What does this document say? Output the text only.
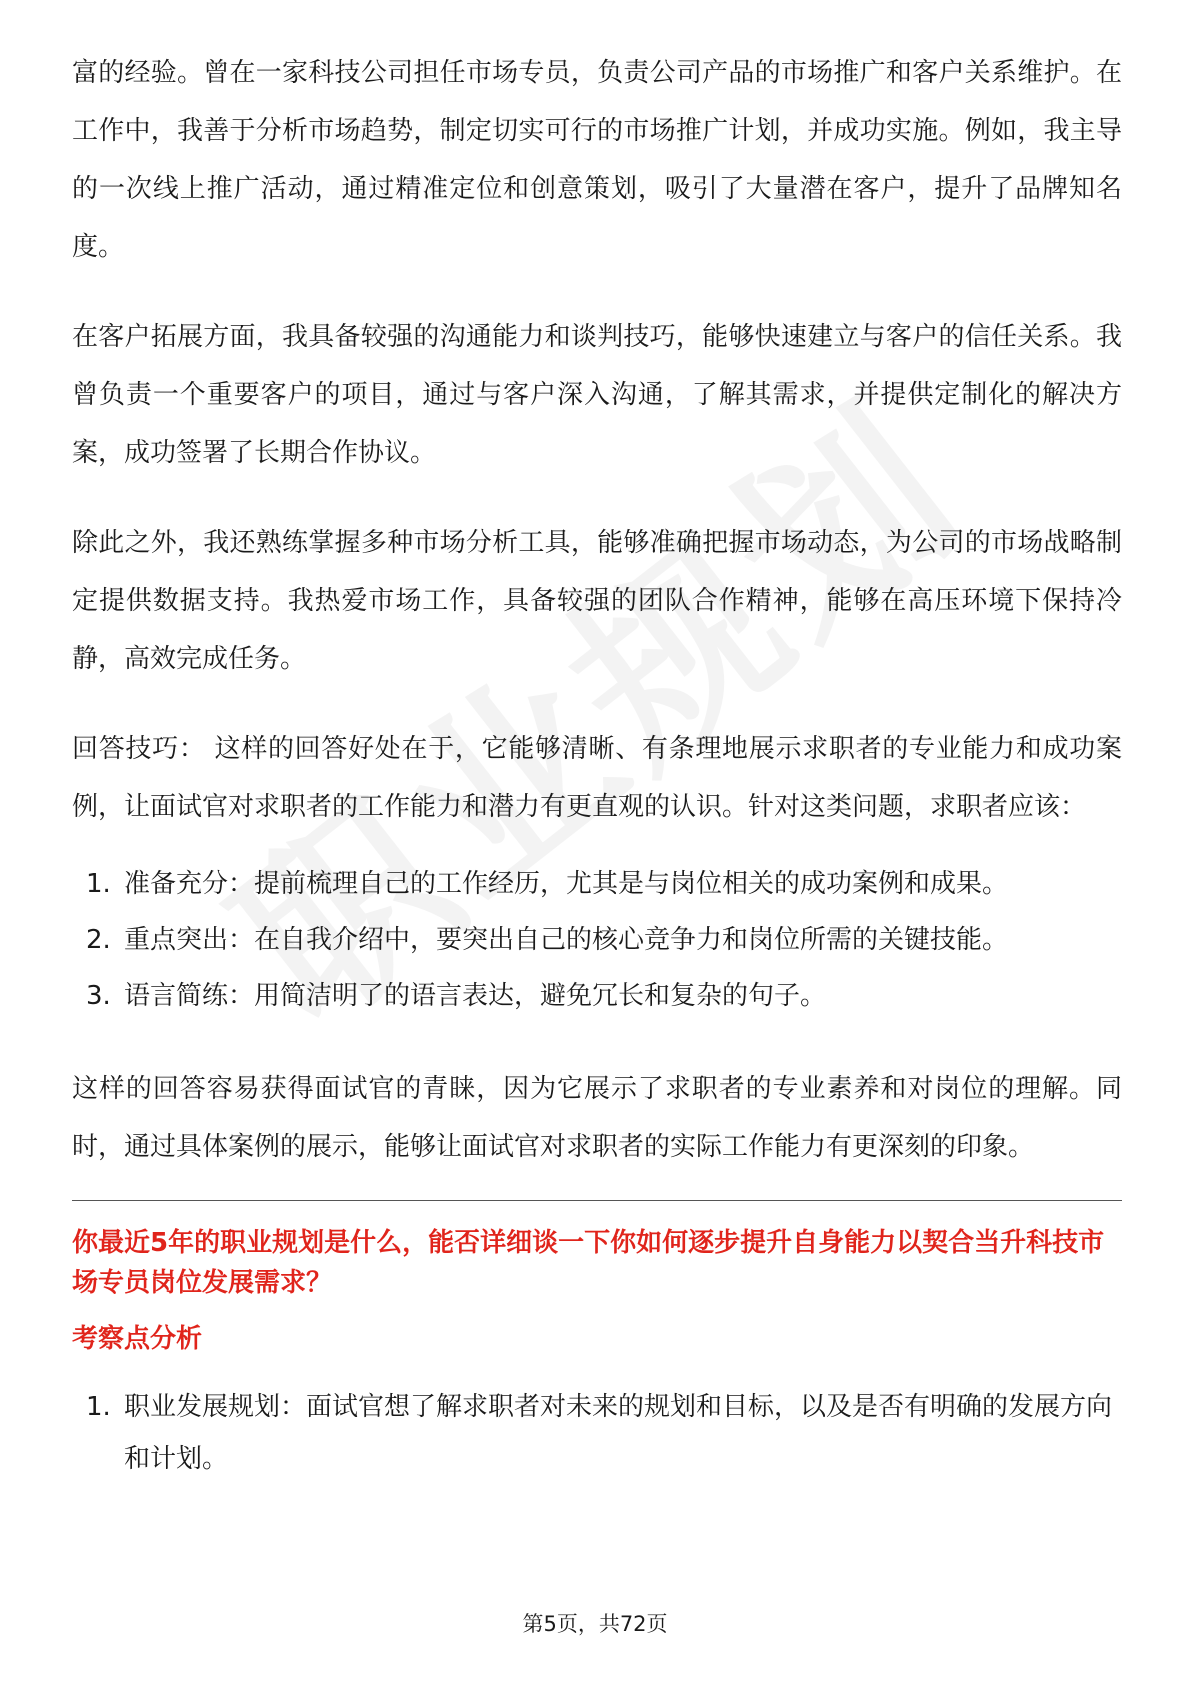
富的经验。曾在一家科技公司担任市场专员，负责公司产品的市场推广和客户关系维护。在工作中，我善于分析市场趋势，制定切实可行的市场推广计划，并成功实施。例如，我主导的一次线上推广活动，通过精准定位和创意策划，吸引了大量潜在客户，提升了品牌知名度。

在客户拓展方面，我具备较强的沟通能力和谈判技巧，能够快速建立与客户的信任关系。我曾负责一个重要客户的项目，通过与客户深入沟通，了解其需求，并提供定制化的解决方案，成功签署了长期合作协议。

除此之外，我还熟练掌握多种市场分析工具，能够准确把握市场动态，为公司的市场战略制定提供数据支持。我热爱市场工作，具备较强的团队合作精神，能够在高压环境下保持冷静，高效完成任务。

回答技巧： 这样的回答好处在于，它能够清晰、有条理地展示求职者的专业能力和成功案例，让面试官对求职者的工作能力和潜力有更直观的认识。针对这类问题，求职者应该：

1. 准备充分：提前梳理自己的工作经历，尤其是与岗位相关的成功案例和成果。
2. 重点突出：在自我介绍中，要突出自己的核心竞争力和岗位所需的关键技能。
3. 语言简练：用简洁明了的语言表达，避免冗长和复杂的句子。

这样的回答容易获得面试官的青睐，因为它展示了求职者的专业素养和对岗位的理解。同时，通过具体案例的展示，能够让面试官对求职者的实际工作能力有更深刻的印象。

你最近5年的职业规划是什么，能否详细谈一下你如何逐步提升自身能力以契合当升科技市场专员岗位发展需求？
考察点分析
1. 职业发展规划：面试官想了解求职者对未来的规划和目标，以及是否有明确的发展方向和计划。
第5页，共72页
